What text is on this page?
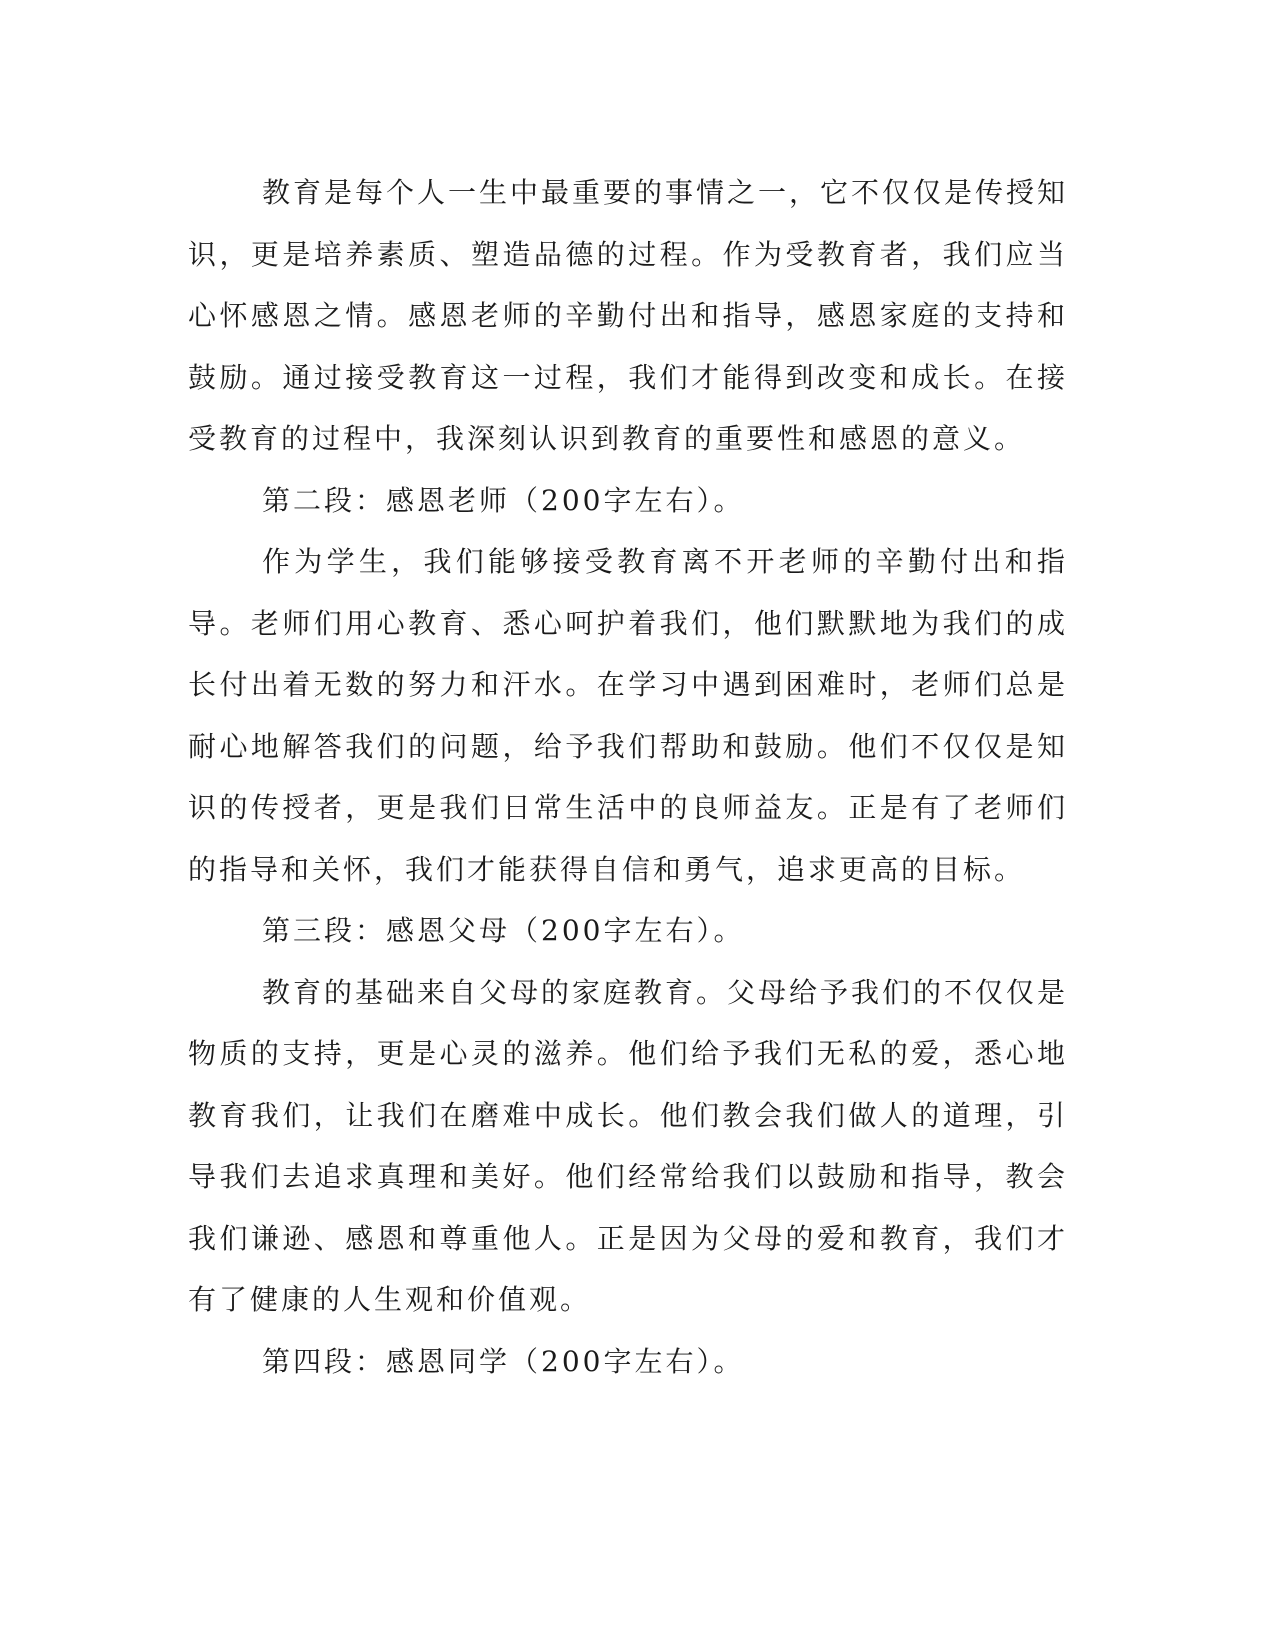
教育是每个人一生中最重要的事情之一，它不仅仅是传授知识，更是培养素质、塑造品德的过程。作为受教育者，我们应当心怀感恩之情。感恩老师的辛勤付出和指导，感恩家庭的支持和鼓励。通过接受教育这一过程，我们才能得到改变和成长。在接受教育的过程中，我深刻认识到教育的重要性和感恩的意义。

第二段：感恩老师（200字左右）。

作为学生，我们能够接受教育离不开老师的辛勤付出和指导。老师们用心教育、悉心呵护着我们，他们默默地为我们的成长付出着无数的努力和汗水。在学习中遇到困难时，老师们总是耐心地解答我们的问题，给予我们帮助和鼓励。他们不仅仅是知识的传授者，更是我们日常生活中的良师益友。正是有了老师们的指导和关怀，我们才能获得自信和勇气，追求更高的目标。

第三段：感恩父母（200字左右）。

教育的基础来自父母的家庭教育。父母给予我们的不仅仅是物质的支持，更是心灵的滋养。他们给予我们无私的爱，悉心地教育我们，让我们在磨难中成长。他们教会我们做人的道理，引导我们去追求真理和美好。他们经常给我们以鼓励和指导，教会我们谦逊、感恩和尊重他人。正是因为父母的爱和教育，我们才有了健康的人生观和价值观。

第四段：感恩同学（200字左右）。
